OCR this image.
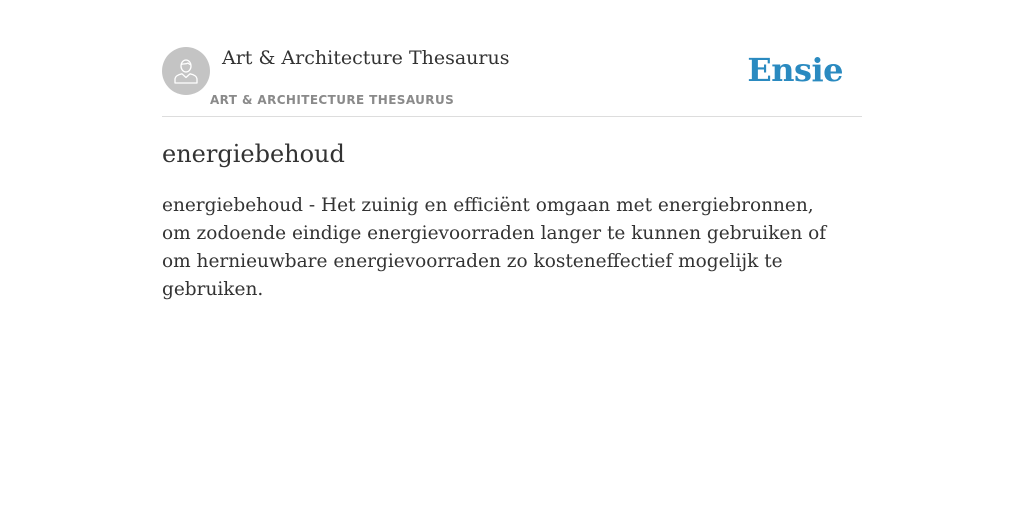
Art & Architecture Thesaurus
ART & ARCHITECTURE THESAURUS
Ensie
energiebehoud

energiebehoud - Het zuinig en efficiënt omgaan met energiebronnen, om zodoende eindige energievoorraden langer te kunnen gebruiken of om hernieuwbare energievoorraden zo kosteneffectief mogelijk te gebruiken.
